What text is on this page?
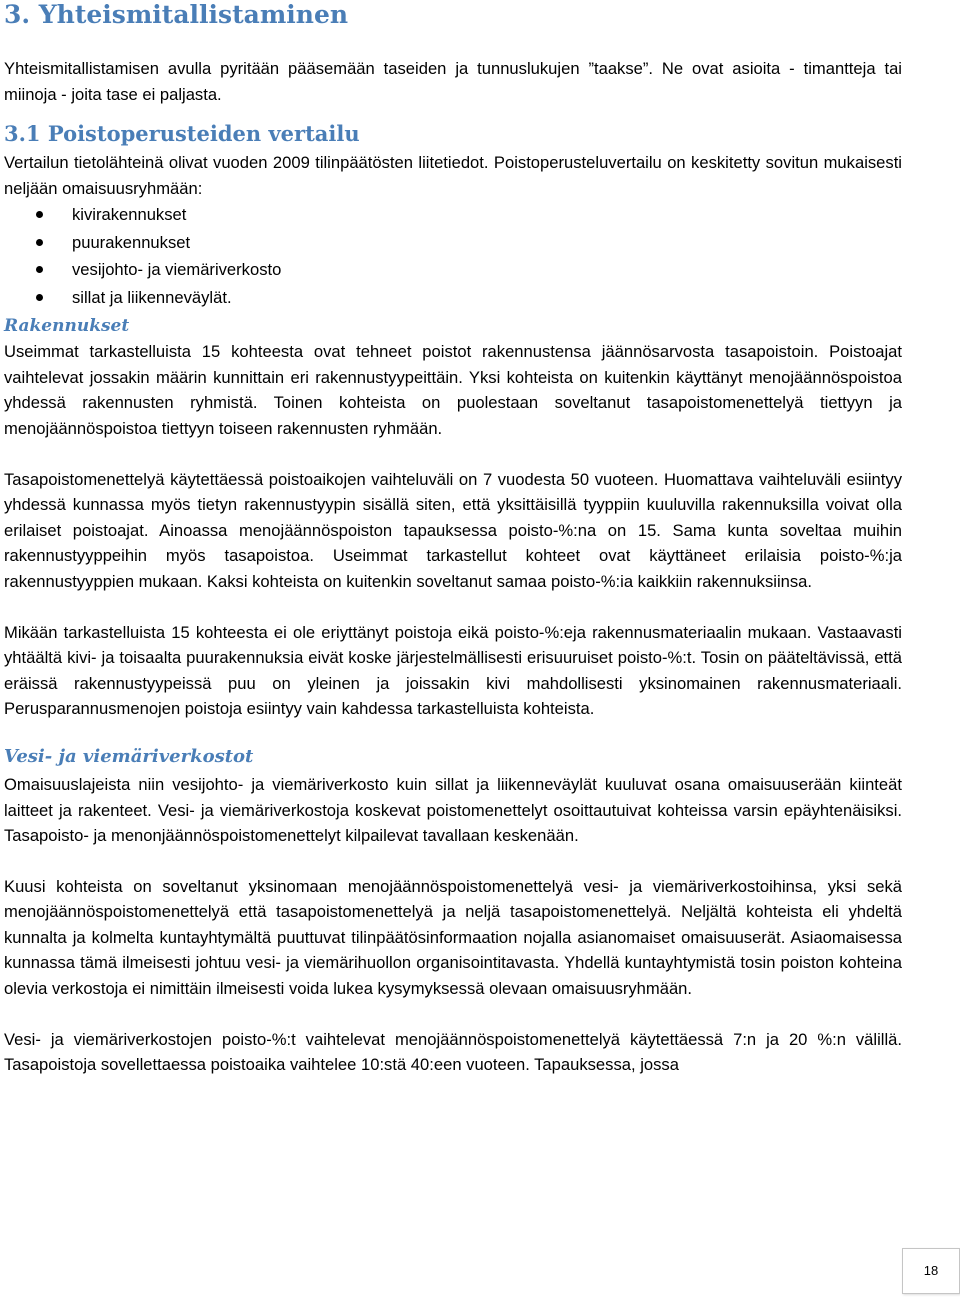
3. Yhteismitallistaminen

Yhteismitallistamisen avulla pyritään pääsemään taseiden ja tunnuslukujen ”taakse”. Ne ovat asioita - timantteja tai miinoja - joita tase ei paljasta.

3.1 Poistoperusteiden vertailu

Vertailun tietolähteinä olivat vuoden 2009 tilinpäätösten liitetiedot. Poistoperusteluvertailu on keskitetty sovitun mukaisesti neljään omaisuusryhmään:

kivirakennukset
puurakennukset
vesijohto- ja viemäriverkosto
sillat ja liikenneväylät.
Rakennukset

Useimmat tarkastelluista 15 kohteesta ovat tehneet poistot rakennustensa jäännösarvosta tasapoistoin. Poistoajat vaihtelevat jossakin määrin kunnittain eri rakennustyypeittäin. Yksi kohteista on kuitenkin käyttänyt menojäännöspoistoa yhdessä rakennusten ryhmistä. Toinen kohteista on puolestaan soveltanut tasapoistomenettelyä tiettyyn ja menojäännöspoistoa tiettyyn toiseen rakennusten ryhmään.

Tasapoistomenettelyä käytettäessä poistoaikojen vaihteluväli on 7 vuodesta 50 vuoteen. Huomattava vaihteluväli esiintyy yhdessä kunnassa myös tietyn rakennustyypin sisällä siten, että yksittäisillä tyyppiin kuuluvilla rakennuksilla voivat olla erilaiset poistoajat. Ainoassa menojäännöspoiston tapauksessa poisto-%:na on 15. Sama kunta soveltaa muihin rakennustyyppeihin myös tasapoistoa. Useimmat tarkastellut kohteet ovat käyttäneet erilaisia poisto-%:ja rakennustyyppien mukaan. Kaksi kohteista on kuitenkin soveltanut samaa poisto-%:ia kaikkiin rakennuksiinsa.

Mikään tarkastelluista 15 kohteesta ei ole eriyttänyt poistoja eikä poisto-%:eja rakennusmateriaalin mukaan. Vastaavasti yhtäältä kivi- ja toisaalta puurakennuksia eivät koske järjestelmällisesti erisuuruiset poisto-%:t. Tosin on pääteltävissä, että eräissä rakennustyypeissä puu on yleinen ja joissakin kivi mahdollisesti yksinomainen rakennusmateriaali. Perusparannusmenojen poistoja esiintyy vain kahdessa tarkastelluista kohteista.

Vesi- ja viemäriverkostot

Omaisuuslajeista niin vesijohto- ja viemäriverkosto kuin sillat ja liikenneväylät kuuluvat osana omaisuuserään kiinteät laitteet ja rakenteet. Vesi- ja viemäriverkostoja koskevat poistomenettelyt osoittautuivat kohteissa varsin epäyhtenäisiksi. Tasapoisto- ja menonjäännöspoistomenettelyt kilpailevat tavallaan keskenään.

Kuusi kohteista on soveltanut yksinomaan menojäännöspoistomenettelyä vesi- ja viemäriverkostoihinsa, yksi sekä menojäännöspoistomenettelyä että tasapoistomenettelyä ja neljä tasapoistomenettelyä. Neljältä kohteista eli yhdeltä kunnalta ja kolmelta kuntayhtymältä puuttuvat tilinpäätösinformaation nojalla asianomaiset omaisuuserät. Asiaomaisessa kunnassa tämä ilmeisesti johtuu vesi- ja viemärihuollon organisointitavasta. Yhdellä kuntayhtymistä tosin poiston kohteina olevia verkostoja ei nimittäin ilmeisesti voida lukea kysymyksessä olevaan omaisuusryhmään.

Vesi- ja viemäriverkostojen poisto-%:t vaihtelevat menojäännöspoistomenettelyä käytettäessä 7:n ja 20 %:n välillä. Tasapoistoja sovellettaessa poistoaika vaihtelee 10:stä 40:een vuoteen. Tapauksessa, jossa

18
